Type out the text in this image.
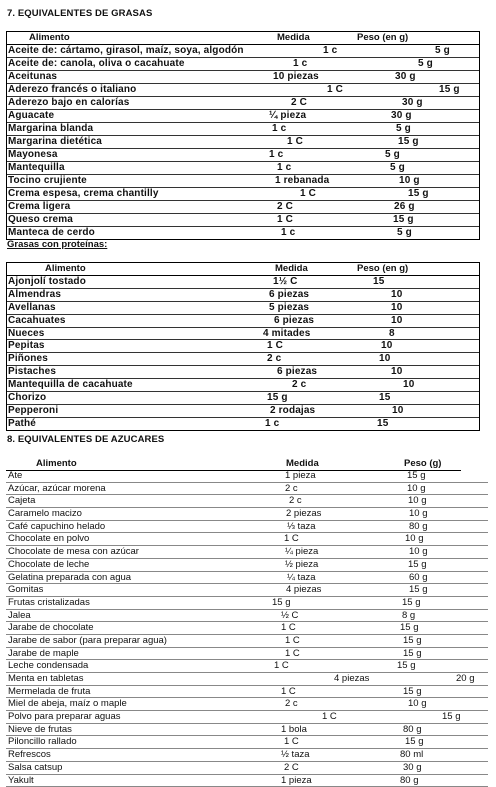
7. EQUIVALENTES DE GRASAS
Alimento	Medida	Peso (en g)
Aceite de: cártamo, girasol, maíz, soya, algodón	1 c	5 g
Aceite de: canola, oliva o cacahuate	1 c	5 g
Aceitunas	10 piezas	30 g
Aderezo francés o italiano	1 C	15 g
Aderezo bajo en calorías	2 C	30 g
Aguacate	¼ pieza	30 g
Margarina blanda	1 c	5 g
Margarina dietética	1 C	15 g
Mayonesa	1 c	5 g
Mantequilla	1 c	5 g
Tocino crujiente	1 rebanada	10 g
Crema espesa, crema chantilly	1 C	15 g
Crema ligera	2 C	26 g
Queso crema	1 C	15 g
Manteca de cerdo	1 c	5 g
Grasas con proteínas:
Alimento	Medida	Peso (en g)
Ajonjolí tostado	1½ C	15
Almendras	6 piezas	10
Avellanas	5 piezas	10
Cacahuates	6 piezas	10
Nueces	4 mitades	8
Pepitas	1 C	10
Piñones	2 c	10
Pistaches	6 piezas	10
Mantequilla de cacahuate	2 c	10
Chorizo	15 g	15
Pepperoni	2 rodajas	10
Pathé	1 c	15
8. EQUIVALENTES DE AZUCARES
Alimento	Medida	Peso (g)
Ate	1 pieza	15 g
Azúcar, azúcar morena	2 c	10 g
Cajeta	2 c	10 g
Caramelo macizo	2 piezas	10 g
Café capuchino helado	⅓ taza	80 g
Chocolate en polvo	1 C	10 g
Chocolate de mesa con azúcar	¼ pieza	10 g
Chocolate de leche	½ pieza	15 g
Gelatina preparada con agua	¼ taza	60 g
Gomitas	4 piezas	15 g
Frutas cristalizadas	15 g	15 g
Jalea	½ C	8 g
Jarabe de chocolate	1 C	15 g
Jarabe de sabor (para preparar agua)	1 C	15 g
Jarabe de maple	1 C	15 g
Leche condensada	1 C	15 g
Menta en tabletas	4 piezas	20 g
Mermelada de fruta	1 C	15 g
Miel de abeja, maíz o maple	2 c	10 g
Polvo para preparar aguas	1 C	15 g
Nieve de frutas	1 bola	80 g
Piloncillo rallado	1 C	15 g
Refrescos	½ taza	80 ml
Salsa catsup	2 C	30 g
Yakult	1 pieza	80 g
